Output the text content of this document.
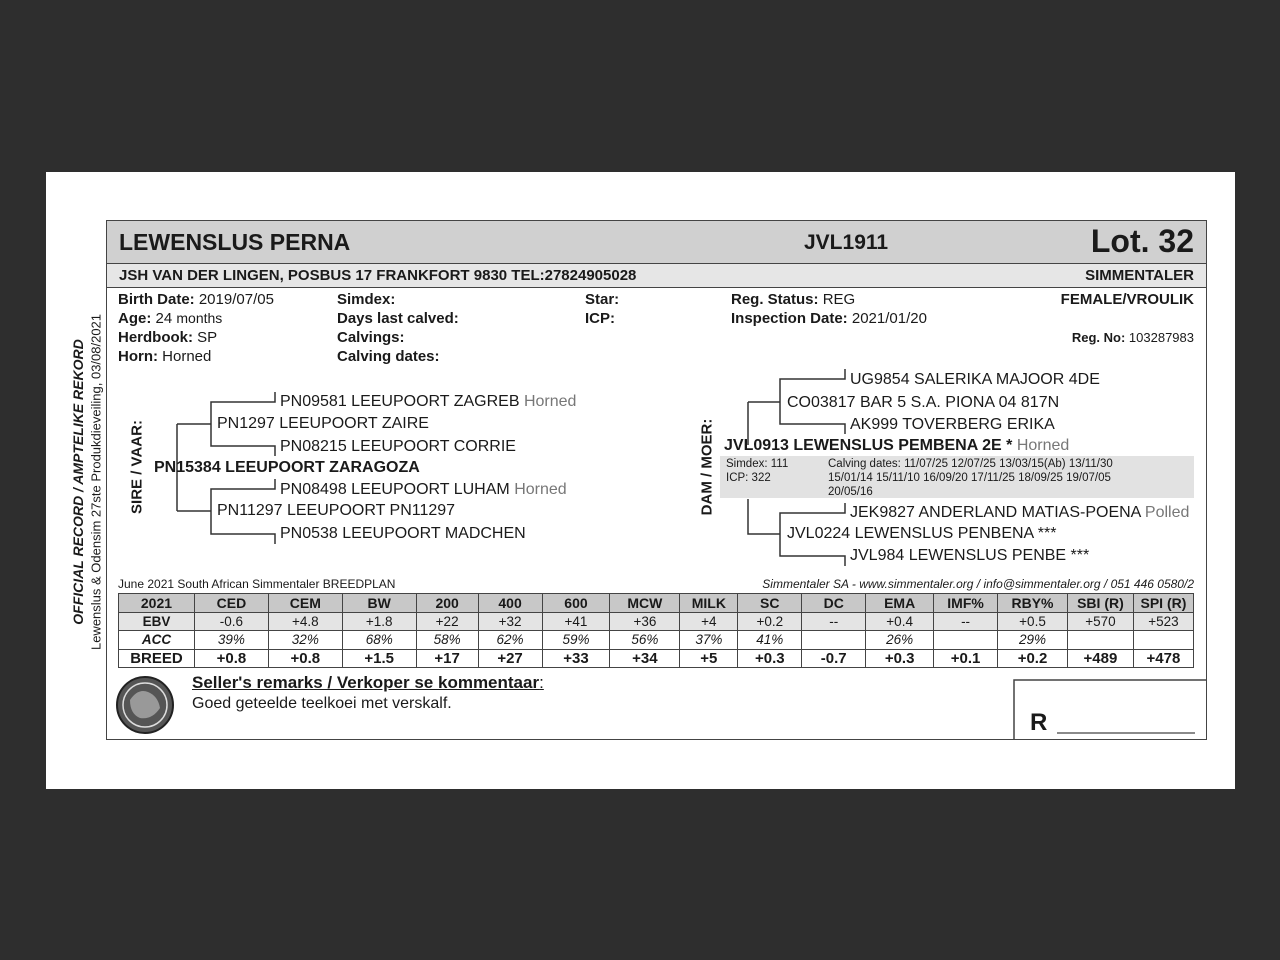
OFFICIAL RECORD / AMPTELIKE REKORD Lewenslus & Odensim 27ste Produkdieveiling, 03/08/2021
LEWENSLUS PERNA	JVL1911	Lot. 32
JSH VAN DER LINGEN, POSBUS 17 FRANKFORT 9830 TEL:27824905028	SIMMENTALER
Birth Date: 2019/07/05
Age: 24 months
Herdbook: SP
Horn: Horned
Simdex:
Days last calved:
Calvings:
Calving dates:
Star:
ICP:
Reg. Status: REG
Inspection Date: 2021/01/20
FEMALE/VROULIK
Reg. No: 103287983
SIRE / VAAR:
PN09581 LEEUPOORT ZAGREB Horned
PN1297 LEEUPOORT ZAIRE
PN08215 LEEUPOORT CORRIE
PN15384 LEEUPOORT ZARAGOZA
PN08498 LEEUPOORT LUHAM Horned
PN11297 LEEUPOORT PN11297
PN0538 LEEUPOORT MADCHEN
DAM / MOER:
UG9854 SALERIKA MAJOOR 4DE
CO03817 BAR 5 S.A. PIONA 04 817N
AK999 TOVERBERG ERIKA
JVL0913 LEWENSLUS PEMBENA 2E * Horned
Simdex: 111
ICP: 322
Calving dates: 11/07/25 12/07/25 13/03/15(Ab) 13/11/30
15/01/14 15/11/10 16/09/20 17/11/25 18/09/25 19/07/05
20/05/16
JEK9827 ANDERLAND MATIAS-POENA Polled
JVL0224 LEWENSLUS PENBENA ***
JVL984 LEWENSLUS PENBE ***
June 2021 South African Simmentaler BREEDPLAN	Simmentaler SA - www.simmentaler.org / info@simmentaler.org / 051 446 0580/2
2021	CED	CEM	BW	200	400	600	MCW	MILK	SC	DC	EMA	IMF%	RBY%	SBI (R)	SPI (R)
EBV	-0.6	+4.8	+1.8	+22	+32	+41	+36	+4	+0.2	--	+0.4	--	+0.5	+570	+523
ACC	39%	32%	68%	58%	62%	59%	56%	37%	41%		26%		29%		
BREED	+0.8	+0.8	+1.5	+17	+27	+33	+34	+5	+0.3	-0.7	+0.3	+0.1	+0.2	+489	+478
Seller's remarks / Verkoper se kommentaar:
Goed geteelde teelkoei met verskalf.
R
